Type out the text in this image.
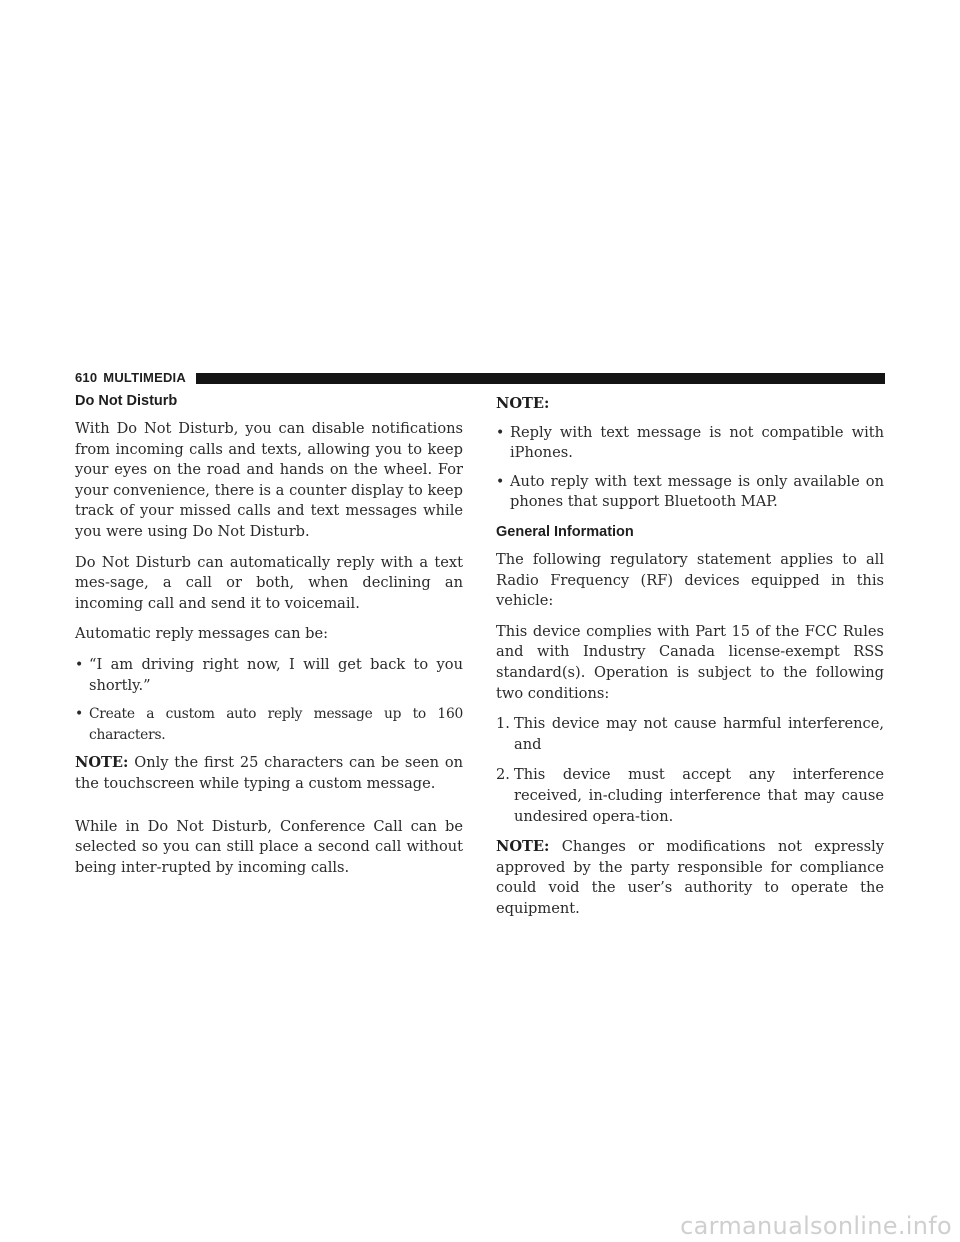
610 MULTIMEDIA
Do Not Disturb

With Do Not Disturb, you can disable notifications from incoming calls and texts, allowing you to keep your eyes on the road and hands on the wheel. For your convenience, there is a counter display to keep track of your missed calls and text messages while you were using Do Not Disturb.

Do Not Disturb can automatically reply with a text mes-sage, a call or both, when declining an incoming call and send it to voicemail.

Automatic reply messages can be:

• “I am driving right now, I will get back to you shortly.”
• Create a custom auto reply message up to 160 characters.

NOTE: Only the first 25 characters can be seen on the touchscreen while typing a custom message.

While in Do Not Disturb, Conference Call can be selected so you can still place a second call without being inter-rupted by incoming calls.

NOTE:

• Reply with text message is not compatible with iPhones.
• Auto reply with text message is only available on phones that support Bluetooth MAP.
General Information

The following regulatory statement applies to all Radio Frequency (RF) devices equipped in this vehicle:

This device complies with Part 15 of the FCC Rules and with Industry Canada license-exempt RSS standard(s). Operation is subject to the following two conditions:

1. This device may not cause harmful interference, and
2. This device must accept any interference received, in-cluding interference that may cause undesired opera-tion.

NOTE: Changes or modifications not expressly approved by the party responsible for compliance could void the user’s authority to operate the equipment.

carmanualsonline.info
